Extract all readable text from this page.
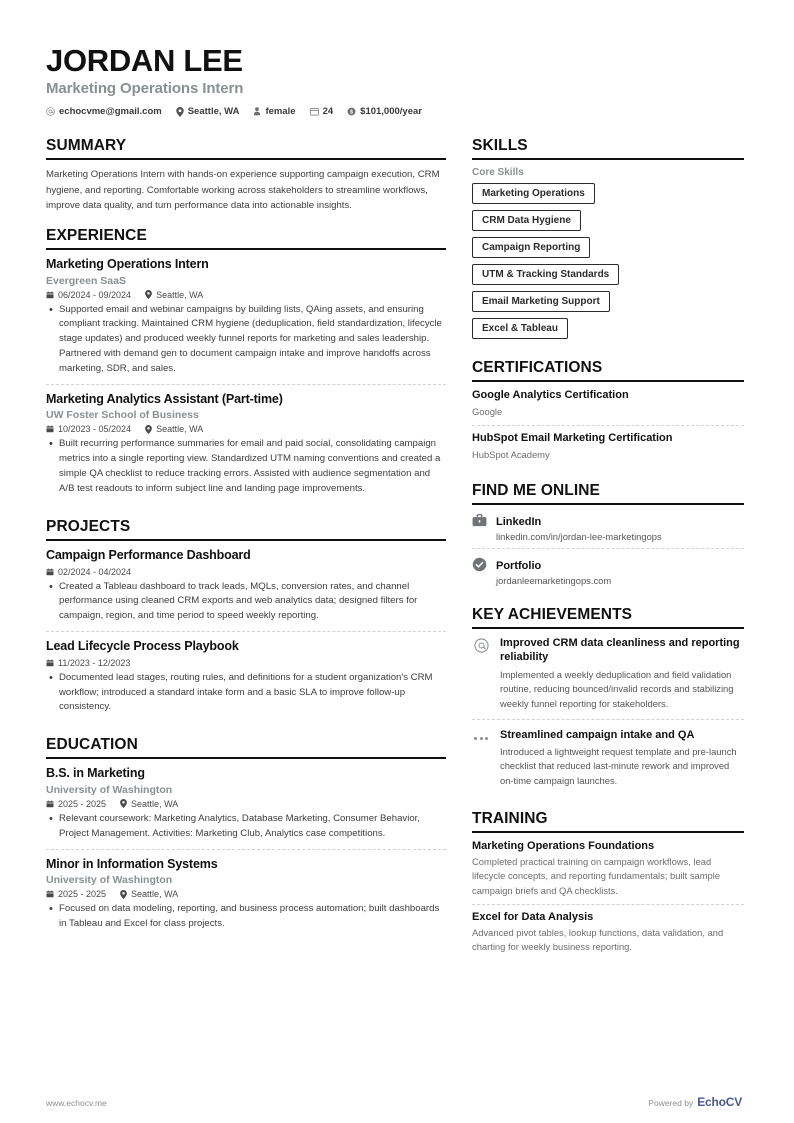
JORDAN LEE
Marketing Operations Intern
echocvme@gmail.com	Seattle, WA	female	24 $ $101,000/year
SUMMARY
Marketing Operations Intern with hands-on experience supporting campaign execution, CRM hygiene, and reporting. Comfortable working across stakeholders to streamline workflows, improve data quality, and turn performance data into actionable insights.
EXPERIENCE
Marketing Operations Intern
Evergreen SaaS
06/2024 - 09/2024	Seattle, WA
• Supported email and webinar campaigns by building lists, QAing assets, and ensuring compliant tracking. Maintained CRM hygiene (deduplication, field standardization, lifecycle stage updates) and produced weekly funnel reports for marketing and sales leadership. Partnered with demand gen to document campaign intake and improve handoffs across marketing, SDR, and sales.
Marketing Analytics Assistant (Part-time)
UW Foster School of Business
10/2023 - 05/2024	Seattle, WA
• Built recurring performance summaries for email and paid social, consolidating campaign metrics into a single reporting view. Standardized UTM naming conventions and created a simple QA checklist to reduce tracking errors. Assisted with audience segmentation and A/B test readouts to inform subject line and landing page improvements.
PROJECTS
Campaign Performance Dashboard
02/2024 - 04/2024
• Created a Tableau dashboard to track leads, MQLs, conversion rates, and channel performance using cleaned CRM exports and web analytics data; designed filters for campaign, region, and time period to speed weekly reporting.
Lead Lifecycle Process Playbook
11/2023 - 12/2023
• Documented lead stages, routing rules, and definitions for a student organization's CRM workflow; introduced a standard intake form and a basic SLA to improve follow-up consistency.
EDUCATION
B.S. in Marketing
University of Washington
2025 - 2025	Seattle, WA
• Relevant coursework: Marketing Analytics, Database Marketing, Consumer Behavior, Project Management. Activities: Marketing Club, Analytics case competitions.
Minor in Information Systems
University of Washington
2025 - 2025	Seattle, WA
• Focused on data modeling, reporting, and business process automation; built dashboards in Tableau and Excel for class projects.
SKILLS
Core Skills
Marketing Operations
CRM Data Hygiene
Campaign Reporting
UTM & Tracking Standards
Email Marketing Support
Excel & Tableau
CERTIFICATIONS
Google Analytics Certification
Google
HubSpot Email Marketing Certification
HubSpot Academy
FIND ME ONLINE
LinkedIn
linkedin.com/in/jordan-lee-marketingops
Portfolio
jordanleemarketingops.com
KEY ACHIEVEMENTS
Improved CRM data cleanliness and reporting reliability
Implemented a weekly deduplication and field validation routine, reducing bounced/invalid records and stabilizing weekly funnel reporting for stakeholders.
Streamlined campaign intake and QA
Introduced a lightweight request template and pre-launch checklist that reduced last-minute rework and improved on-time campaign launches.
TRAINING
Marketing Operations Foundations
Completed practical training on campaign workflows, lead lifecycle concepts, and reporting fundamentals; built sample campaign briefs and QA checklists.
Excel for Data Analysis
Advanced pivot tables, lookup functions, data validation, and charting for weekly business reporting.
www.echocv.me	Powered by EchoCV
